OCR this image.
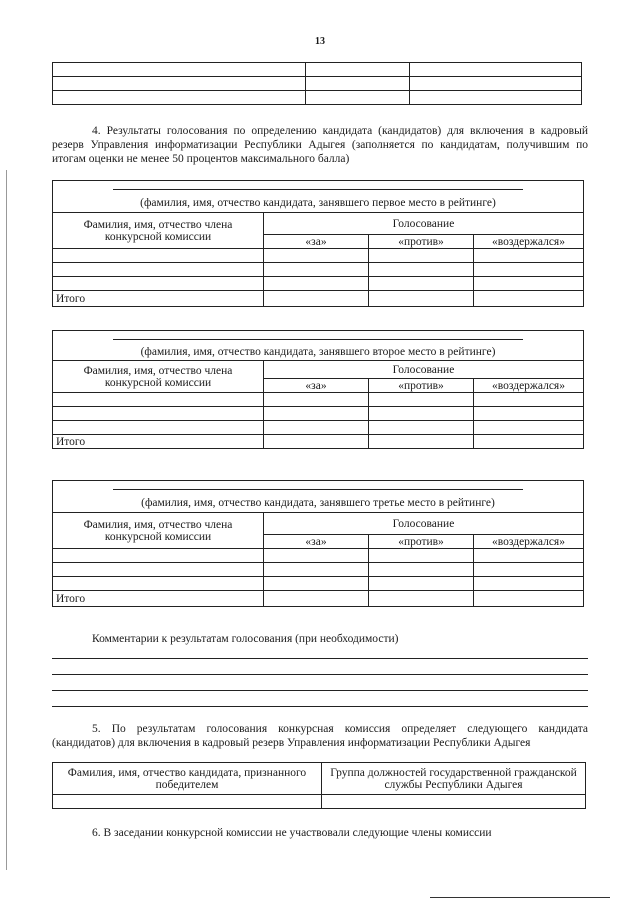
13

4. Результаты голосования по определению кандидата (кандидатов) для включения в кадровый резерв Управления информатизации Республики Адыгея (заполняется по кандидатам, получившим по итогам оценки не менее 50 процентов максимального балла)
(фамилия, имя, отчество кандидата, занявшего первое место в рейтинге)			
Фамилия, имя, отчество члена конкурсной комиссии	Голосование		
	«за»	«против»	«воздержался»

Итого			
(фамилия, имя, отчество кандидата, занявшего второе место в рейтинге)			
Фамилия, имя, отчество члена конкурсной комиссии	Голосование		
	«за»	«против»	«воздержался»

Итого			
(фамилия, имя, отчество кандидата, занявшего третье место в рейтинге)			
Фамилия, имя, отчество члена конкурсной комиссии	Голосование		
	«за»	«против»	«воздержался»

Итого			
Комментарии к результатам голосования (при необходимости)
5. По результатам голосования конкурсная комиссия определяет следующего кандидата (кандидатов) для включения в кадровый резерв Управления информатизации Республики Адыгея
Фамилия, имя, отчество кандидата, признанного победителем	Группа должностей государственной гражданской службы Республики Адыгея

6. В заседании конкурсной комиссии не участвовали следующие члены комиссии
